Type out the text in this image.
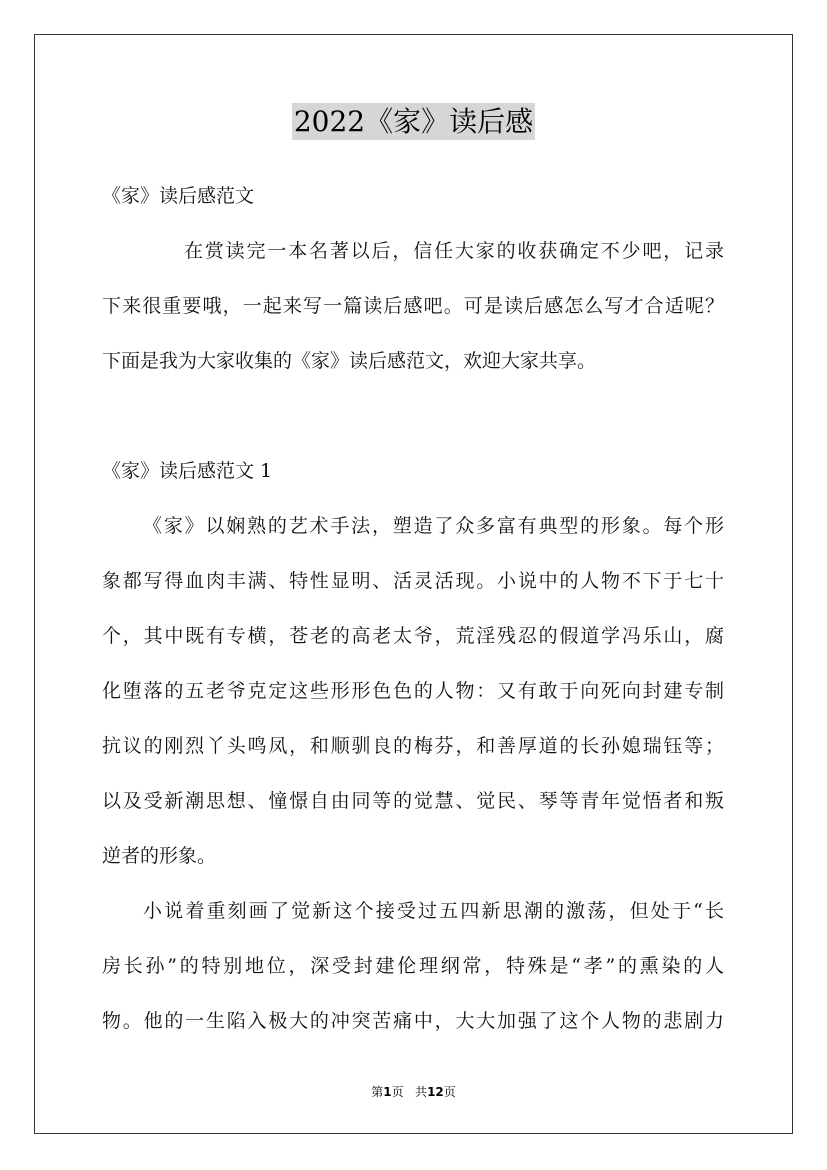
2022《家》读后感
《家》读后感范文
在赏读完一本名著以后，信任大家的收获确定不少吧，记录
下来很重要哦，一起来写一篇读后感吧。可是读后感怎么写才合适呢？
下面是我为大家收集的《家》读后感范文，欢迎大家共享。
《家》读后感范文 1
《家》以娴熟的艺术手法，塑造了众多富有典型的形象。每个形
象都写得血肉丰满、特性显明、活灵活现。小说中的人物不下于七十
个，其中既有专横，苍老的高老太爷，荒淫残忍的假道学冯乐山，腐
化堕落的五老爷克定这些形形色色的人物：又有敢于向死向封建专制
抗议的刚烈丫头鸣凤，和顺驯良的梅芬，和善厚道的长孙媳瑞钰等；
以及受新潮思想、憧憬自由同等的觉慧、觉民、琴等青年觉悟者和叛
逆者的形象。
小说着重刻画了觉新这个接受过五四新思潮的激荡，但处于“长
房长孙”的特别地位，深受封建伦理纲常，特殊是“孝”的熏染的人
物。他的一生陷入极大的冲突苦痛中，大大加强了这个人物的悲剧力
第1页 共12页
